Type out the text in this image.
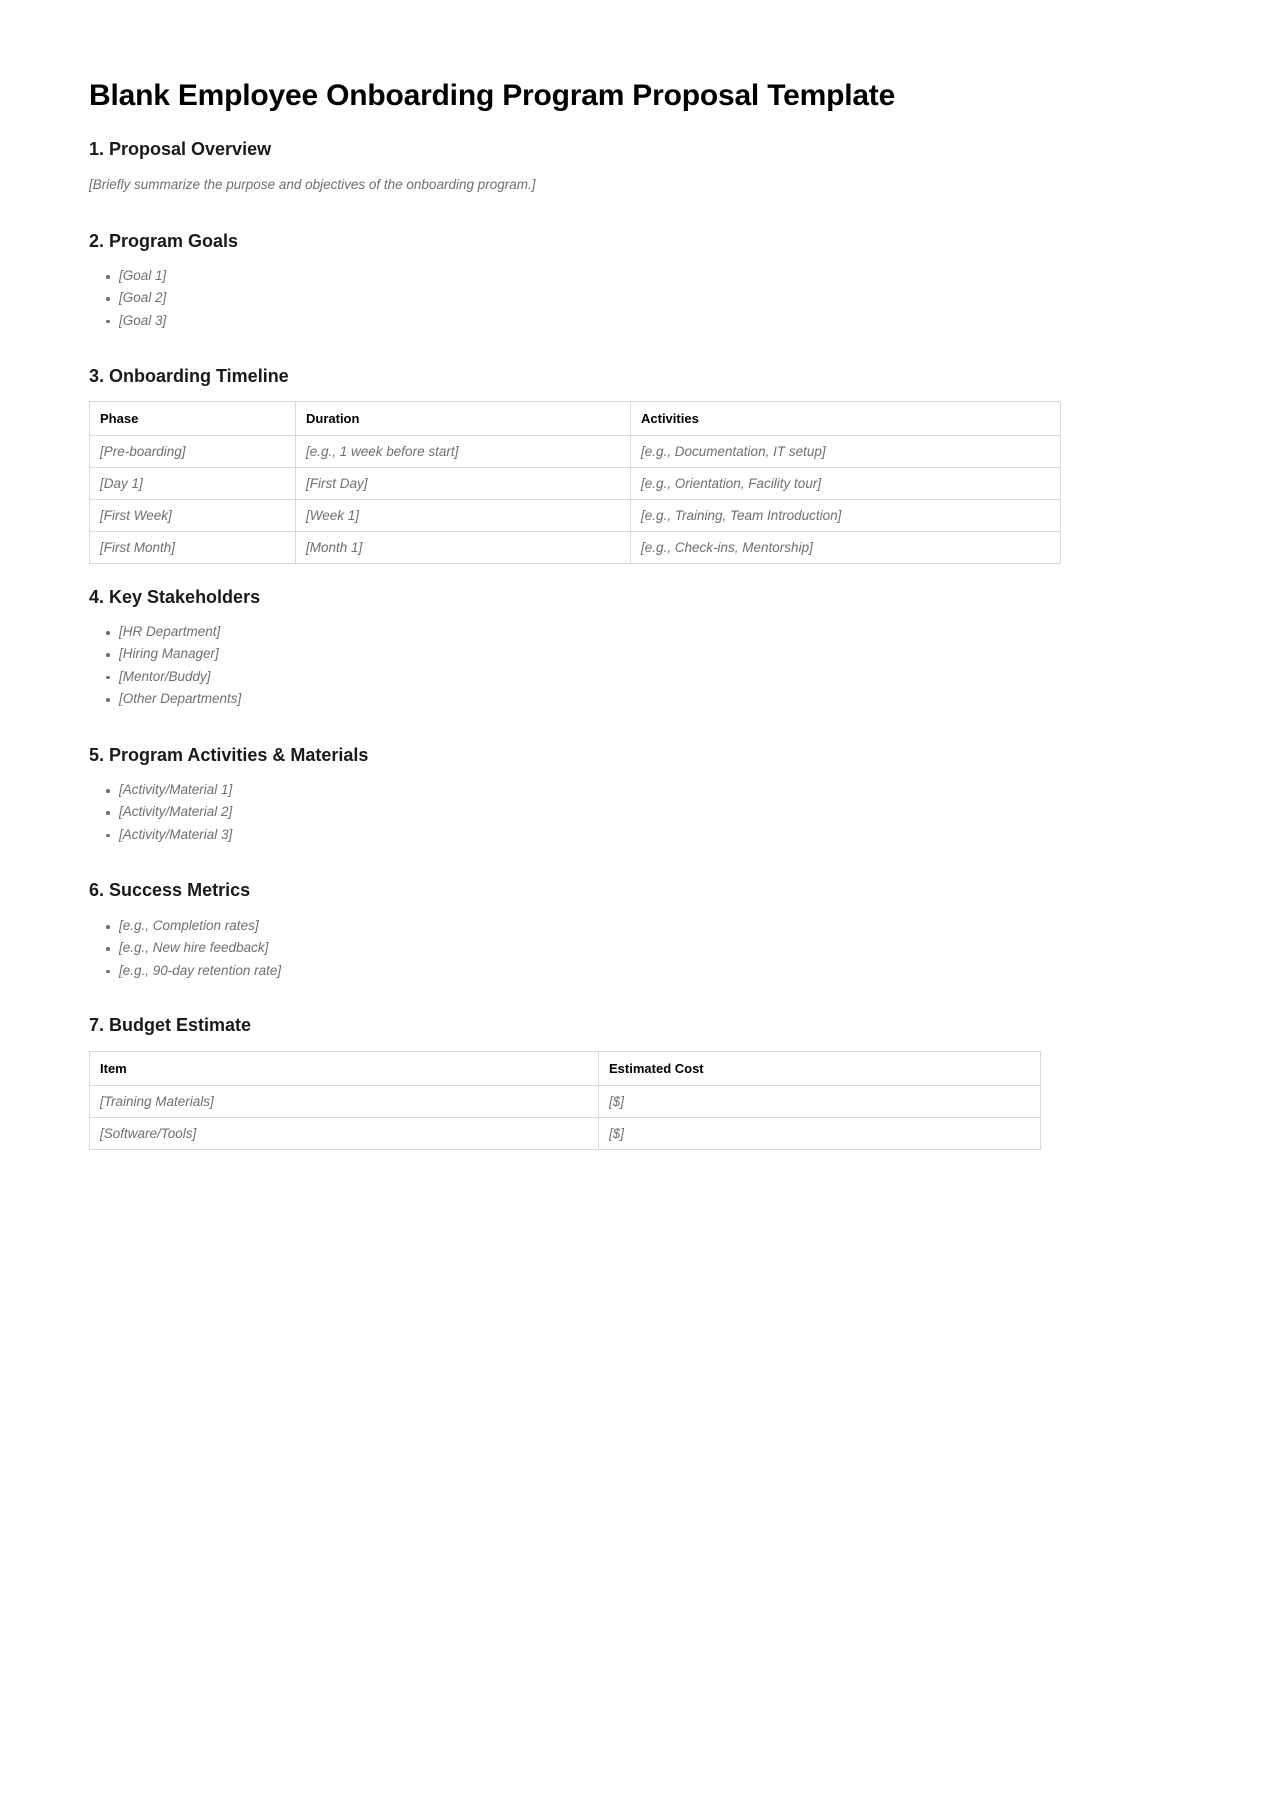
Blank Employee Onboarding Program Proposal Template
1. Proposal Overview

[Briefly summarize the purpose and objectives of the onboarding program.]

2. Program Goals
[Goal 1]
[Goal 2]
[Goal 3]
3. Onboarding Timeline
Phase	Duration	Activities
[Pre-boarding]	[e.g., 1 week before start]	[e.g., Documentation, IT setup]
[Day 1]	[First Day]	[e.g., Orientation, Facility tour]
[First Week]	[Week 1]	[e.g., Training, Team Introduction]
[First Month]	[Month 1]	[e.g., Check-ins, Mentorship]
4. Key Stakeholders
[HR Department]
[Hiring Manager]
[Mentor/Buddy]
[Other Departments]
5. Program Activities & Materials
[Activity/Material 1]
[Activity/Material 2]
[Activity/Material 3]
6. Success Metrics
[e.g., Completion rates]
[e.g., New hire feedback]
[e.g., 90-day retention rate]
7. Budget Estimate
Item	Estimated Cost
[Training Materials]	[$]
[Software/Tools]	[$]
